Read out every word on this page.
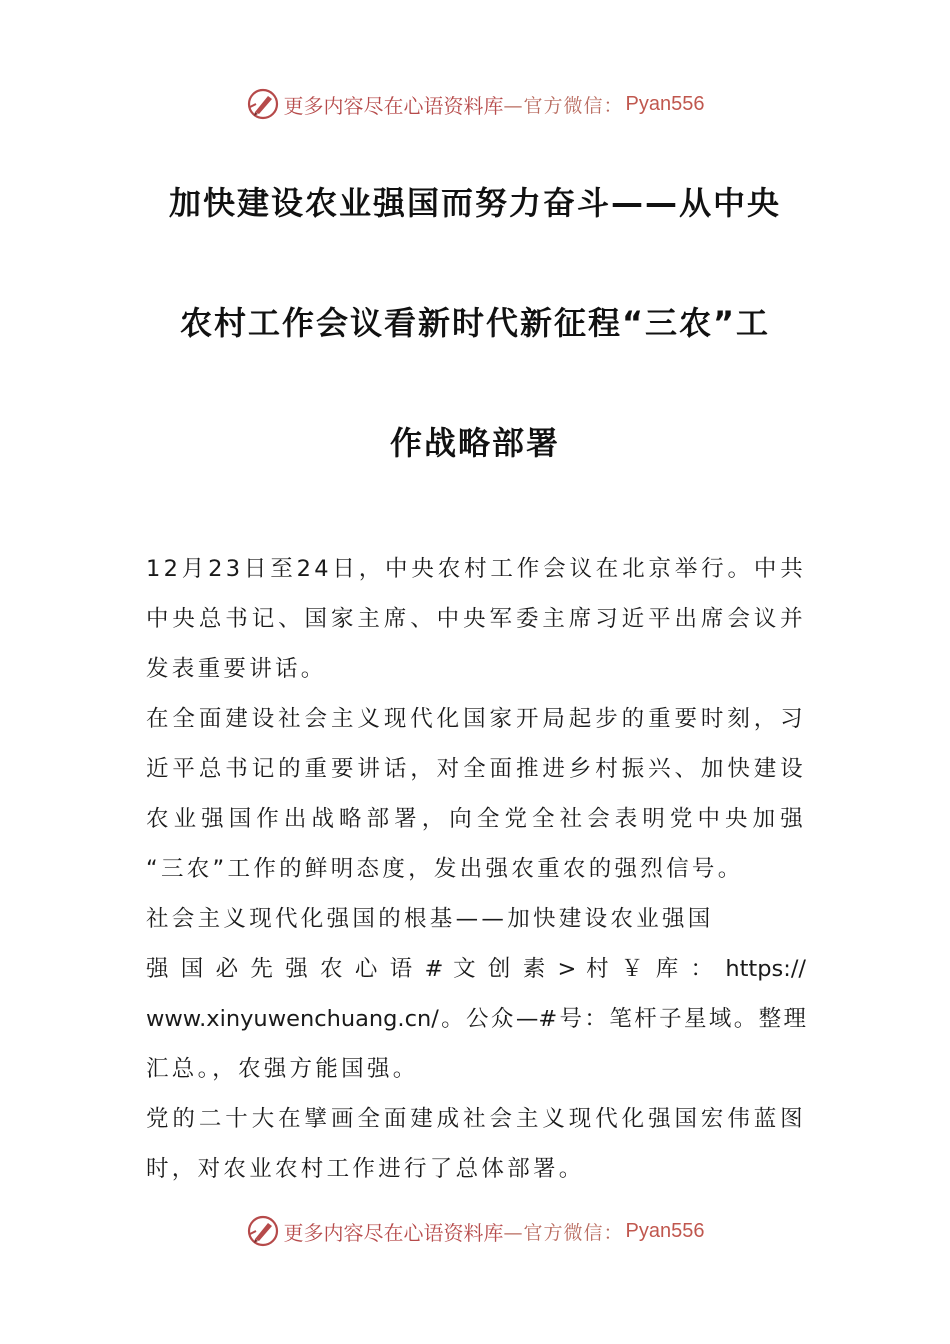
更多内容尽在心语资料库 —官方微信： Pyan556
加快建设农业强国而努力奋斗——从中央
农村工作会议看新时代新征程“三农”工
作战略部署
12月23日至24日，中央农村工作会议在北京举行。中共
中央总书记、国家主席、中央军委主席习近平出席会议并
发表重要讲话。
在全面建设社会主义现代化国家开局起步的重要时刻，习
近平总书记的重要讲话，对全面推进乡村振兴、加快建设
农业强国作出战略部署，向全党全社会表明党中央加强
“三农”工作的鲜明态度，发出强农重农的强烈信号。
社会主义现代化强国的根基——加快建设农业强国
强 国 必 先 强 农 心 语 # 文 创 素 > 村 ￥ 库 ： https://
www.xinyuwenchuang.cn/。公众—#号：笔杆子星域。整理
汇总。，农强方能国强。
党的二十大在擘画全面建成社会主义现代化强国宏伟蓝图
时，对农业农村工作进行了总体部署。
更多内容尽在心语资料库 —官方微信： Pyan556
